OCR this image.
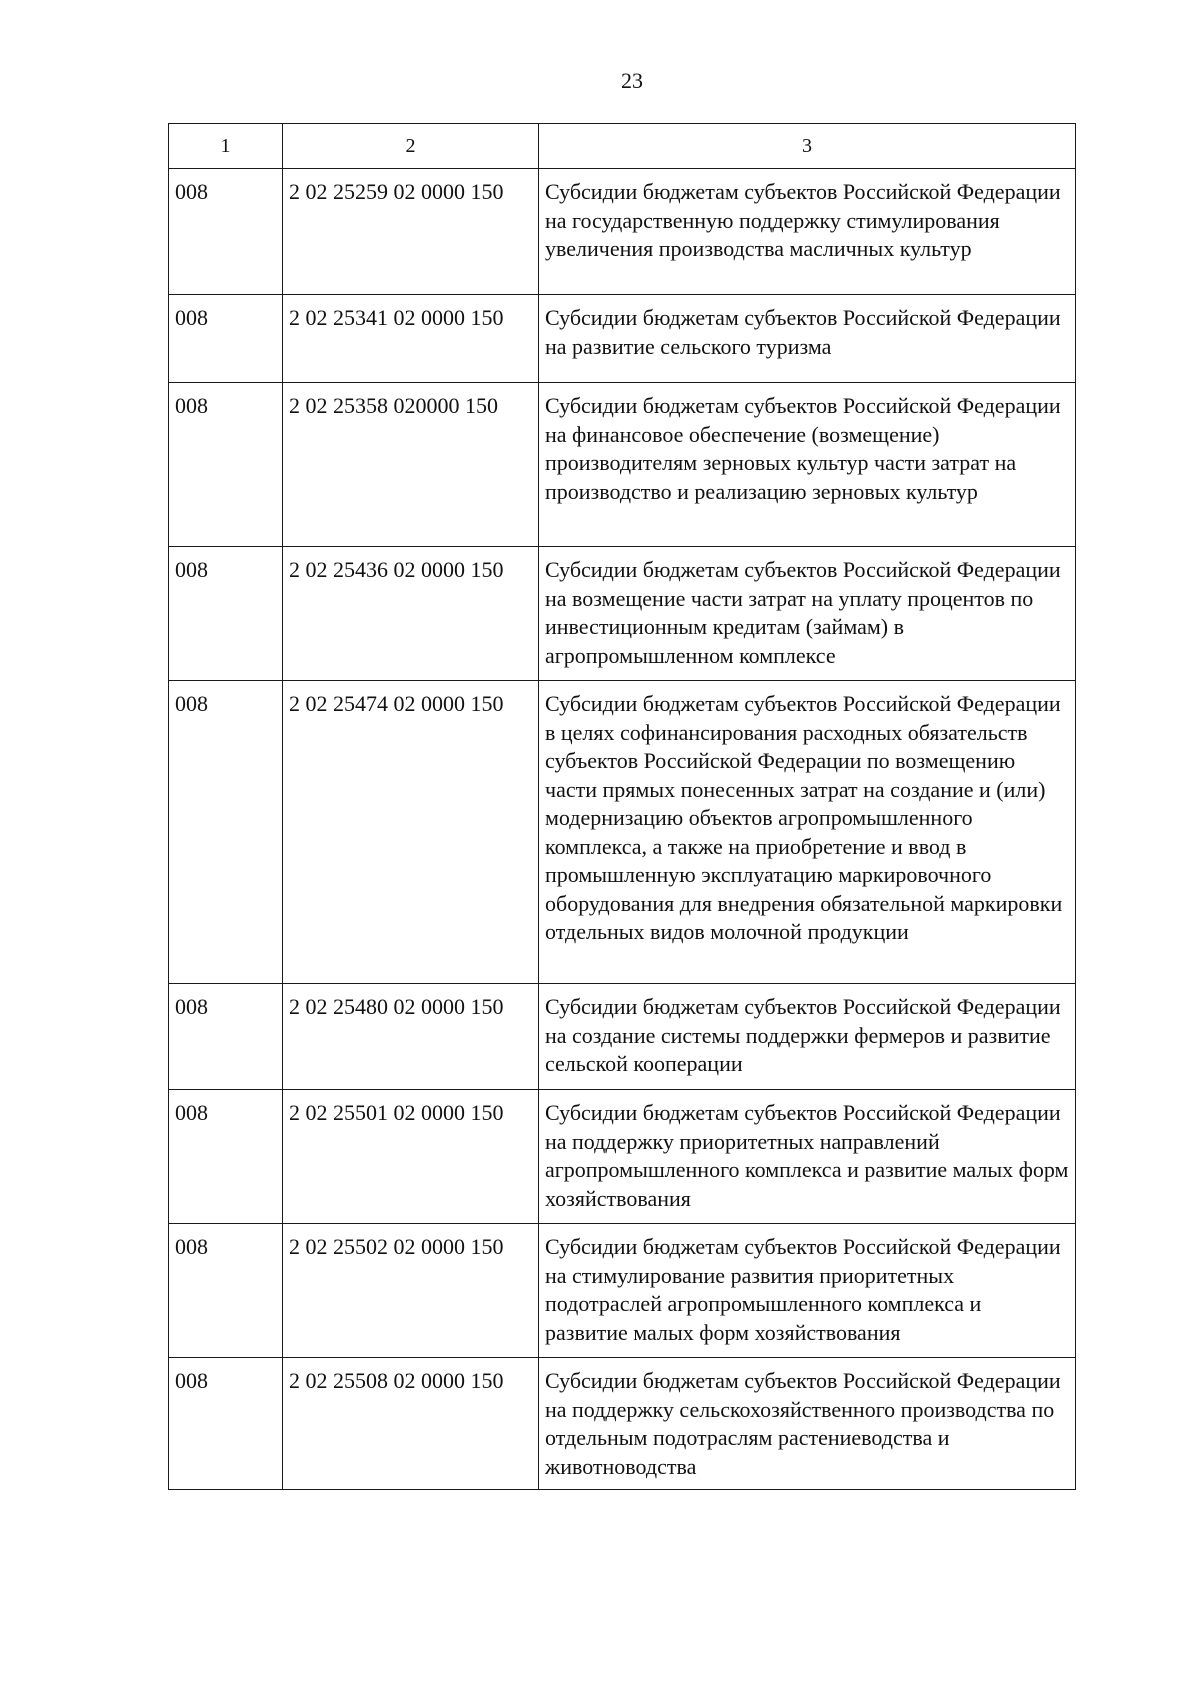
23
1	2	3
008	2 02 25259 02 0000 150	Субсидии бюджетам субъектов Российской Федерации на государственную поддержку стимулирования увеличения производства масличных культур
008	2 02 25341 02 0000 150	Субсидии бюджетам субъектов Российской Федерации на развитие сельского туризма
008	2 02 25358 020000 150	Субсидии бюджетам субъектов Российской Федерации на финансовое обеспечение (возмещение) производителям зерновых культур части затрат на производство и реализацию зерновых культур
008	2 02 25436 02 0000 150	Субсидии бюджетам субъектов Российской Федерации на возмещение части затрат на уплату процентов по инвестиционным кредитам (займам) в агропромышленном комплексе
008	2 02 25474 02 0000 150	Субсидии бюджетам субъектов Российской Федерации в целях софинансирования расходных обязательств субъектов Российской Федерации по возмещению части прямых понесенных затрат на создание и (или) модернизацию объектов агропромышленного комплекса, а также на приобретение и ввод в промышленную эксплуатацию маркировочного оборудования для внедрения обязательной маркировки отдельных видов молочной продукции
008	2 02 25480 02 0000 150	Субсидии бюджетам субъектов Российской Федерации на создание системы поддержки фермеров и развитие сельской кооперации
008	2 02 25501 02 0000 150	Субсидии бюджетам субъектов Российской Федерации на поддержку приоритетных направлений агропромышленного комплекса и развитие малых форм хозяйствования
008	2 02 25502 02 0000 150	Субсидии бюджетам субъектов Российской Федерации на стимулирование развития приоритетных подотраслей агропромышленного комплекса и развитие малых форм хозяйствования
008	2 02 25508 02 0000 150	Субсидии бюджетам субъектов Российской Федерации на поддержку сельскохозяйственного производства по отдельным подотраслям растениеводства и животноводства
